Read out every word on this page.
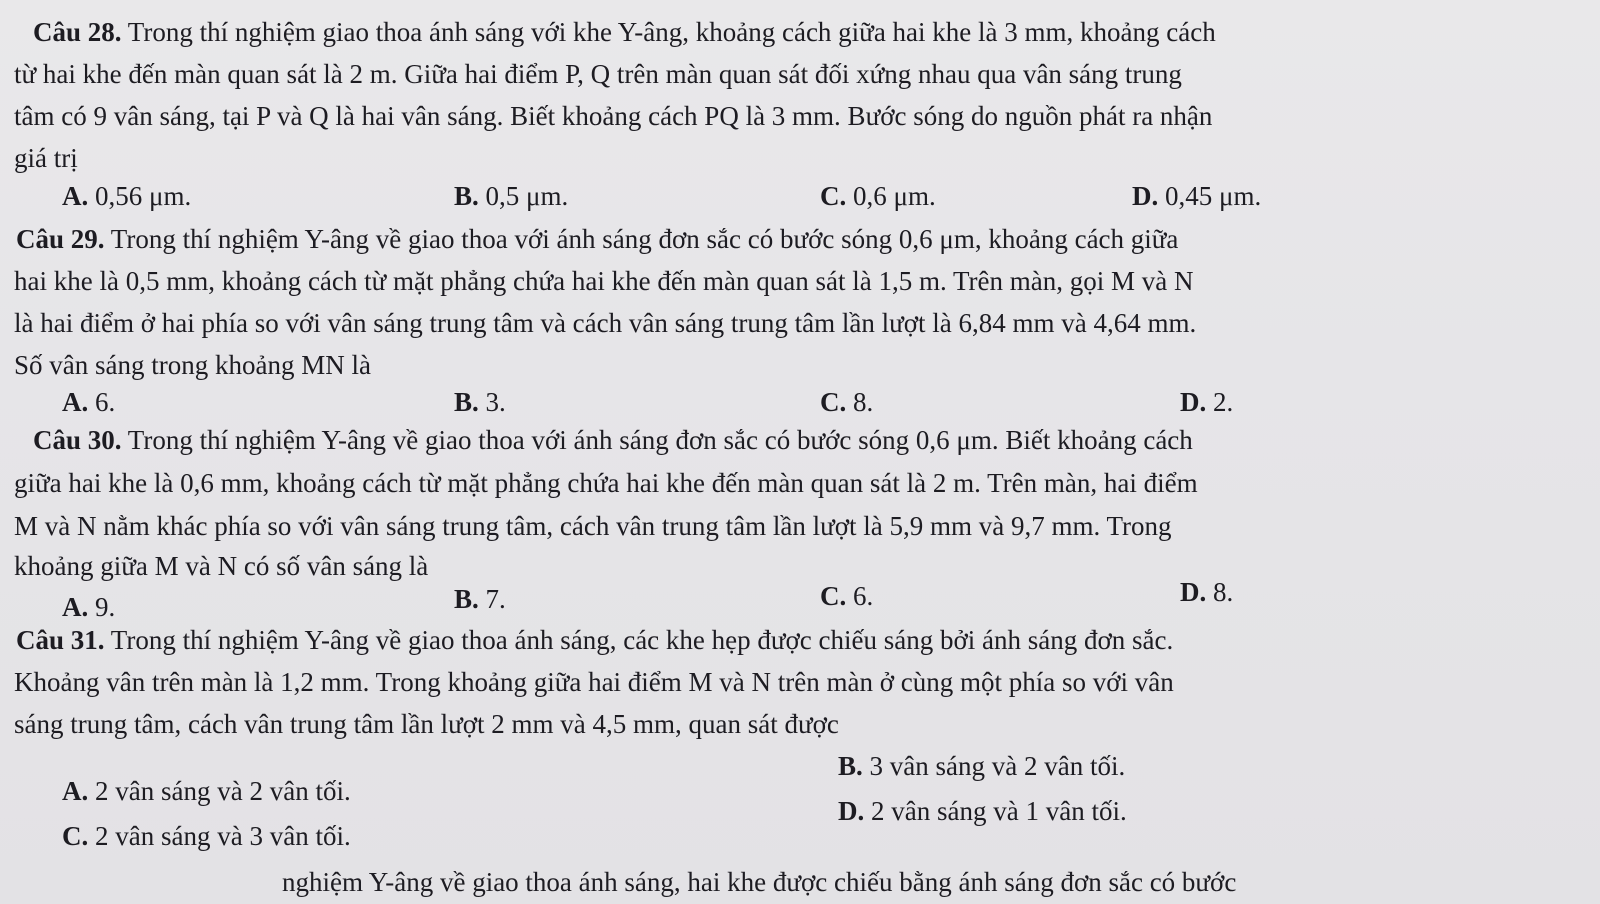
Câu 28. Trong thí nghiệm giao thoa ánh sáng với khe Y-âng, khoảng cách giữa hai khe là 3 mm, khoảng cách
từ hai khe đến màn quan sát là 2 m. Giữa hai điểm P, Q trên màn quan sát đối xứng nhau qua vân sáng trung
tâm có 9 vân sáng, tại P và Q là hai vân sáng. Biết khoảng cách PQ là 3 mm. Bước sóng do nguồn phát ra nhận
giá trị
A. 0,56 μm.	B. 0,5 μm.	C. 0,6 μm.	D. 0,45 μm.
Câu 29. Trong thí nghiệm Y-âng về giao thoa với ánh sáng đơn sắc có bước sóng 0,6 μm, khoảng cách giữa
hai khe là 0,5 mm, khoảng cách từ mặt phẳng chứa hai khe đến màn quan sát là 1,5 m. Trên màn, gọi M và N
là hai điểm ở hai phía so với vân sáng trung tâm và cách vân sáng trung tâm lần lượt là 6,84 mm và 4,64 mm.
Số vân sáng trong khoảng MN là
A. 6.	B. 3.	C. 8.	D. 2.
Câu 30. Trong thí nghiệm Y-âng về giao thoa với ánh sáng đơn sắc có bước sóng 0,6 μm. Biết khoảng cách
giữa hai khe là 0,6 mm, khoảng cách từ mặt phẳng chứa hai khe đến màn quan sát là 2 m. Trên màn, hai điểm
M và N nằm khác phía so với vân sáng trung tâm, cách vân trung tâm lần lượt là 5,9 mm và 9,7 mm. Trong
khoảng giữa M và N có số vân sáng là
A. 9.	B. 7.	C. 6.	D. 8.
Câu 31. Trong thí nghiệm Y-âng về giao thoa ánh sáng, các khe hẹp được chiếu sáng bởi ánh sáng đơn sắc.
Khoảng vân trên màn là 1,2 mm. Trong khoảng giữa hai điểm M và N trên màn ở cùng một phía so với vân
sáng trung tâm, cách vân trung tâm lần lượt 2 mm và 4,5 mm, quan sát được
A. 2 vân sáng và 2 vân tối.
B. 3 vân sáng và 2 vân tối.
C. 2 vân sáng và 3 vân tối.
D. 2 vân sáng và 1 vân tối.
nghiệm Y-âng về giao thoa ánh sáng, hai khe được chiếu bằng ánh sáng đơn sắc có bước
